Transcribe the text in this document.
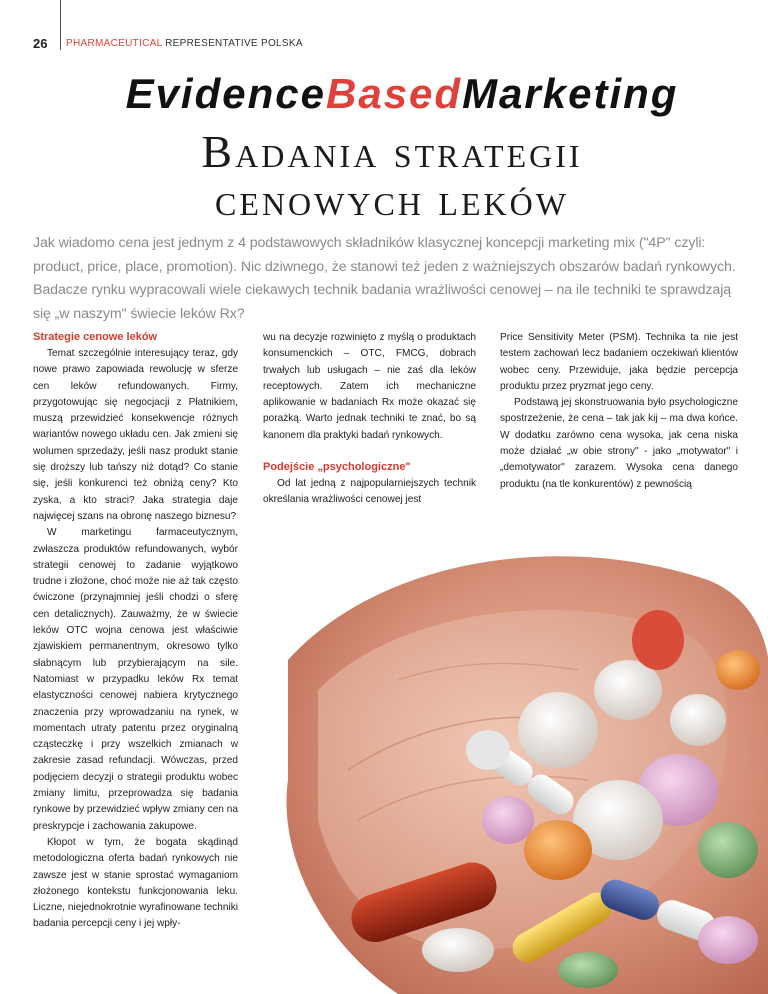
26 PHARMACEUTICAL REPRESENTATIVE POLSKA
EvidenceBasedMarketing
Badania strategii
cenowych leków
Jak wiadomo cena jest jednym z 4 podstawowych składników klasycznej koncepcji marketing mix ("4P" czyli: product, price, place, promotion). Nic dziwnego, że stanowi też jeden z ważniejszych obszarów badań rynkowych. Badacze rynku wypracowali wiele ciekawych technik badania wrażliwości cenowej – na ile techniki te sprawdzają się „w naszym" świecie leków Rx?
Strategie cenowe leków

Temat szczególnie interesujący teraz, gdy nowe prawo zapowiada rewolucję w sferze cen leków refundowanych. Firmy, przygotowując się negocjacji z Płatnikiem, muszą przewidzieć konsekwencje różnych wariantów nowego układu cen. Jak zmieni się wolumen sprzedaży, jeśli nasz produkt stanie się droższy lub tańszy niż dotąd? Co stanie się, jeśli konkurenci też obniżą ceny? Kto zyska, a kto straci? Jaka strategia daje najwięcej szans na obronę naszego biznesu?

W marketingu farmaceutycznym, zwłaszcza produktów refundowanych, wybór strategii cenowej to zadanie wyjątkowo trudne i złożone, choć może nie aż tak często ćwiczone (przynajmniej jeśli chodzi o sferę cen detalicznych). Zauważmy, że w świecie leków OTC wojna cenowa jest właściwie zjawiskiem permanentnym, okresowo tylko słabnącym lub przybierającym na sile. Natomiast w przypadku leków Rx temat elastyczności cenowej nabiera krytycznego znaczenia przy wprowadzaniu na rynek, w momentach utraty patentu przez oryginalną cząsteczkę i przy wszelkich zmianach w zakresie zasad refundacji. Wówczas, przed podjęciem decyzji o strategii produktu wobec zmiany limitu, przeprowadza się badania rynkowe by przewidzieć wpływ zmiany cen na preskrypcje i zachowania zakupowe.

Kłopot w tym, że bogata skądinąd metodologiczna oferta badań rynkowych nie zawsze jest w stanie sprostać wymaganiom złożonego kontekstu funkcjonowania leku. Liczne, niejednokrotnie wyrafinowane techniki badania percepcji ceny i jej wpły-

wu na decyzje rozwinięto z myślą o produktach konsumenckich – OTC, FMCG, dobrach trwałych lub usługach – nie zaś dla leków receptowych. Zatem ich mechaniczne aplikowanie w badaniach Rx może okazać się porażką. Warto jednak techniki te znać, bo są kanonem dla praktyki badań rynkowych.

Podejście „psychologiczne"

Od lat jedną z najpopularniejszych technik określania wrażliwości cenowej jest

Price Sensitivity Meter (PSM). Technika ta nie jest testem zachowań lecz badaniem oczekiwań klientów wobec ceny. Przewiduje, jaka będzie percepcja produktu przez pryzmat jego ceny.

Podstawą jej skonstruowania było psychologiczne spostrzeżenie, że cena – tak jak kij – ma dwa końce. W dodatku zarówno cena wysoka, jak cena niska może działać „w obie strony" - jako „motywator" i „demotywator" zarazem. Wysoka cena danego produktu (na tle konkurentów) z pewnością
